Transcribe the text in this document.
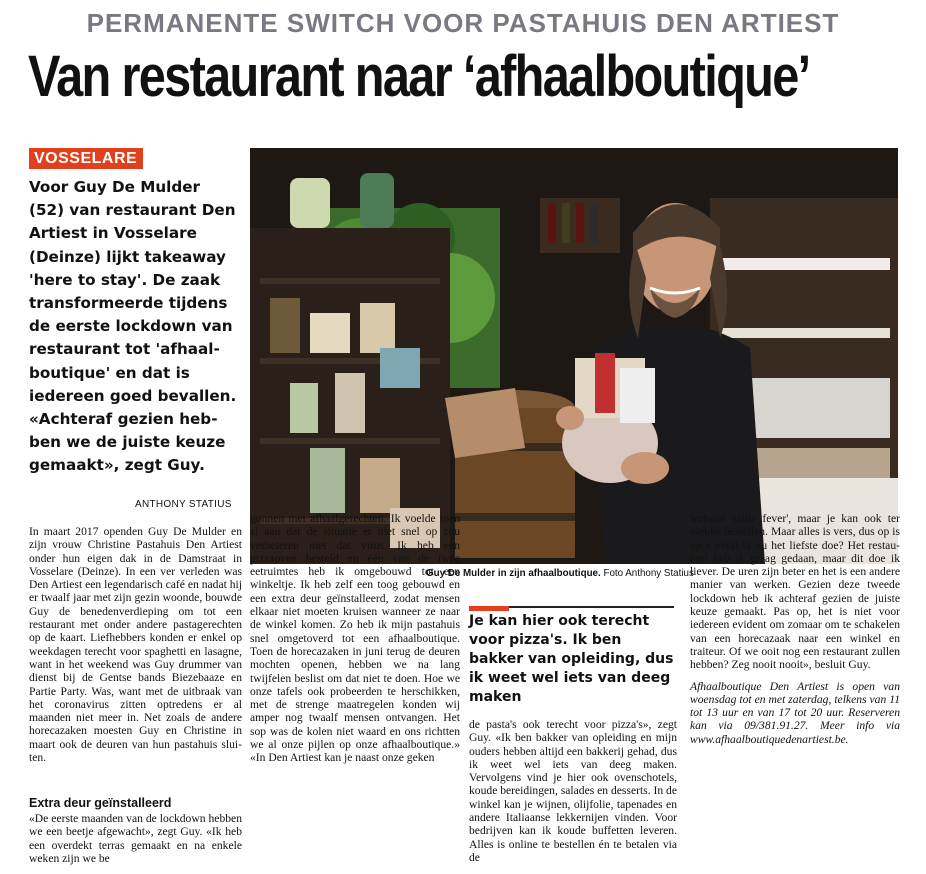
PERMANENTE SWITCH VOOR PASTAHUIS DEN ARTIEST
Van restaurant naar ‘afhaalboutique’
VOSSELARE

Voor Guy De Mulder (52) van restaurant Den Artiest in Vosselare (Deinze) lijkt takeaway 'here to stay'. De zaak transformeerde tijdens de eerste lockdown van restaurant tot 'afhaalboutique' en dat is iedereen goed bevallen. «Achteraf gezien hebben we de juiste keuze gemaakt», zegt Guy.

ANTHONY STATIUS
Guy De Mulder in zijn afhaalboutique. Foto Anthony Statius

In maart 2017 openden Guy De Mulder en zijn vrouw Christine Pastahuis Den Artiest onder hun eigen dak in de Damstraat in Vosselare (Deinze). In een ver verleden was Den Artiest een legendarisch café en nadat hij er twaalf jaar met zijn gezin woonde, bouwde Guy de benedenverdieping om tot een restaurant met onder andere pastagerechten op de kaart. Liefhebbers konden er enkel op weekdagen terecht voor spaghetti en lasagne, want in het weekend was Guy drummer van dienst bij de Gentse bands Biezebaaze en Partie Party. Was, want met de uitbraak van het coronavirus zitten optredens er al maanden niet meer in. Net zoals de andere horecazaken moesten Guy en Christine in maart ook de deuren van hun pastahuis sluiten.

Extra deur geïnstalleerd

«De eerste maanden van de lockdown hebben we een beetje afgewacht», zegt Guy. «Ik heb een overdekt terras gemaakt en na enkele weken zijn we be

gonnen met afhaalgerechten. Ik voelde toen al aan dat de situatie er niet snel op zou verbeteren met dat virus. Ik heb een pizzaoven besteld en één van de twee eetruimtes heb ik omgebouwd tot een winkeltje. Ik heb zelf een toog gebouwd en een extra deur geïnstalleerd, zodat mensen elkaar niet moeten kruisen wanneer ze naar de winkel komen. Zo heb ik mijn pastahuis snel omgetoverd tot een afhaalboutique. Toen de horecazaken in juni terug de deuren mochten openen, hebben we na lang twijfelen beslist om dat niet te doen. Hoe we onze tafels ook probeerden te herschikken, met de strenge maatregelen konden wij amper nog twaalf mensen ontvangen. Het sop was de kolen niet waard en ons richtten we al onze pijlen op onze afhaalboutique.» «In Den Artiest kan je naast onze geken

Je kan hier ook terecht voor pizza's. Ik ben bakker van opleiding, dus ik weet wel iets van deeg maken

de pasta's ook terecht voor pizza's», zegt Guy. «Ik ben bakker van opleiding en mijn ouders hebben altijd een bakkerij gehad, dus ik weet wel iets van deeg maken. Vervolgens vind je hier ook ovenschotels, koude bereidingen, salades en desserts. In de winkel kan je wijnen, olijfolie, tapenades en andere Italiaanse lekkernijen vinden. Voor bedrijven kan ik koude buffetten leveren. Alles is online te bestellen én te betalen via de

website 'table fever', maar je kan ook ter plekke bestellen. Maar alles is vers, dus op is op.» «Wat ik nu het liefste doe? Het restaurant heb ik graag gedaan, maar dit doe ik liever. De uren zijn beter en het is een andere manier van werken. Gezien deze tweede lockdown heb ik achteraf gezien de juiste keuze gemaakt. Pas op, het is niet voor iedereen evident om zomaar om te schakelen van een horecazaak naar een winkel en traiteur. Of we ooit nog een restaurant zullen hebben? Zeg nooit nooit», besluit Guy.

Afhaalboutique Den Artiest is open van woensdag tot en met zaterdag, telkens van 11 tot 13 uur en van 17 tot 20 uur. Reserveren kan via 09/381.91.27. Meer info via www.afhaalboutiquedenartiest.be.
